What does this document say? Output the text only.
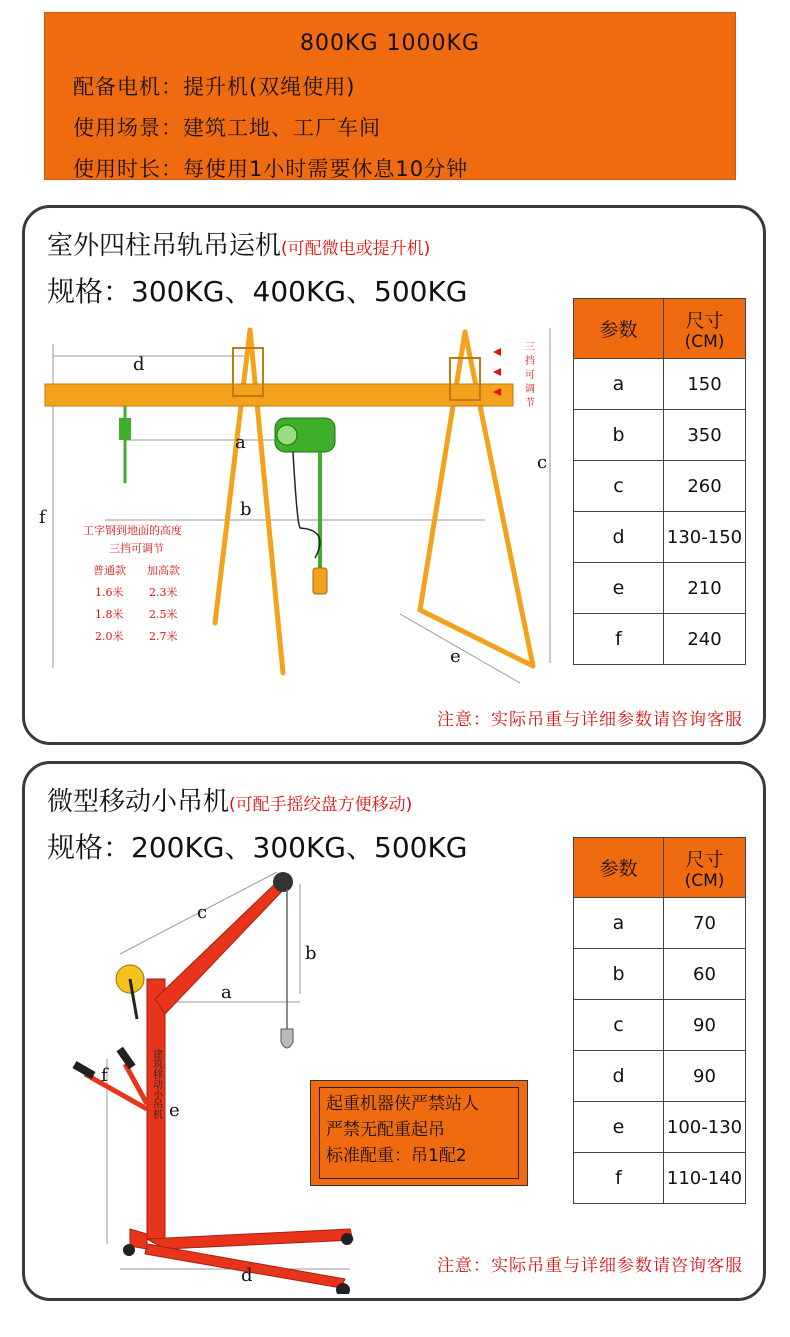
800KG 1000KG
配备电机：提升机(双绳使用)
使用场景：建筑工地、工厂车间
使用时长：每使用1小时需要休息10分钟
室外四柱吊轨吊运机(可配微电或提升机)
规格：300KG、400KG、500KG
d
a
b
c
f
e
三
挡
可
调
节
工字钢到地面的高度
三挡可调节
普通款 加高款
1.6米 2.3米
1.8米 2.5米
2.0米 2.7米
参数	尺寸
(CM)

a	150
b	350
c	260
d	130-150
e	210
f	240
注意：实际吊重与详细参数请咨询客服
微型移动小吊机(可配手摇绞盘方便移动)
规格：200KG、300KG、500KG
建筑移动小吊机
c
a
b
e
f
d
参数	尺寸
(CM)

a	70
b	60
c	90
d	90
e	100-130
f	110-140
起重机器侠严禁站人
严禁无配重起吊
标准配重：吊1配2
注意：实际吊重与详细参数请咨询客服
